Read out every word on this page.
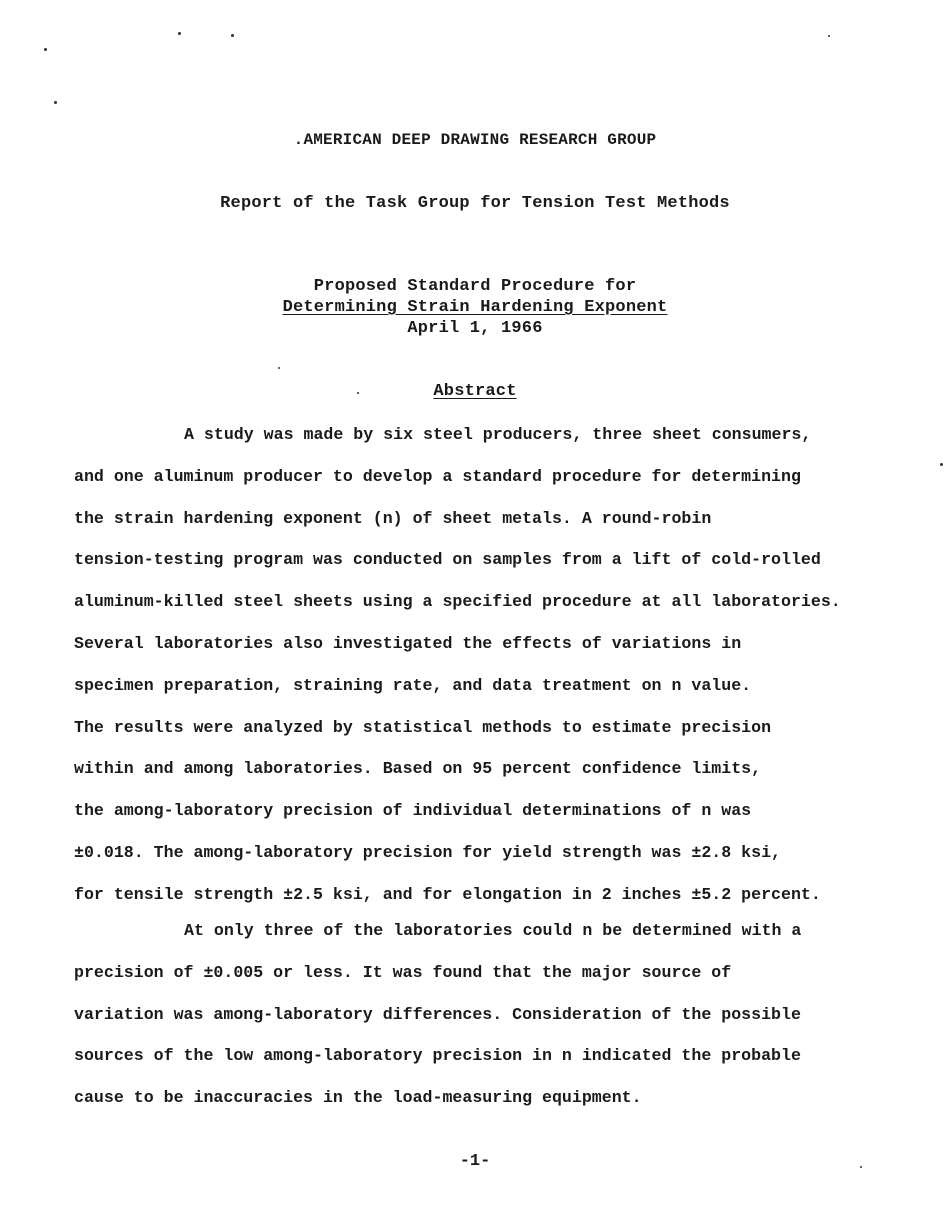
.AMERICAN DEEP DRAWING RESEARCH GROUP
Report of the Task Group for Tension Test Methods
Proposed Standard Procedure for
Determining Strain Hardening Exponent
April 1, 1966
Abstract
A study was made by six steel producers, three sheet consumers,
and one aluminum producer to develop a standard procedure for determining
the strain hardening exponent (n) of sheet metals. A round-robin
tension-testing program was conducted on samples from a lift of cold-rolled
aluminum-killed steel sheets using a specified procedure at all laboratories.
Several laboratories also investigated the effects of variations in
specimen preparation, straining rate, and data treatment on n value.
The results were analyzed by statistical methods to estimate precision
within and among laboratories. Based on 95 percent confidence limits,
the among-laboratory precision of individual determinations of n was
±0.018. The among-laboratory precision for yield strength was ±2.8 ksi,
for tensile strength ±2.5 ksi, and for elongation in 2 inches ±5.2 percent.
At only three of the laboratories could n be determined with a
precision of ±0.005 or less. It was found that the major source of
variation was among-laboratory differences. Consideration of the possible
sources of the low among-laboratory precision in n indicated the probable
cause to be inaccuracies in the load-measuring equipment.
-1-
